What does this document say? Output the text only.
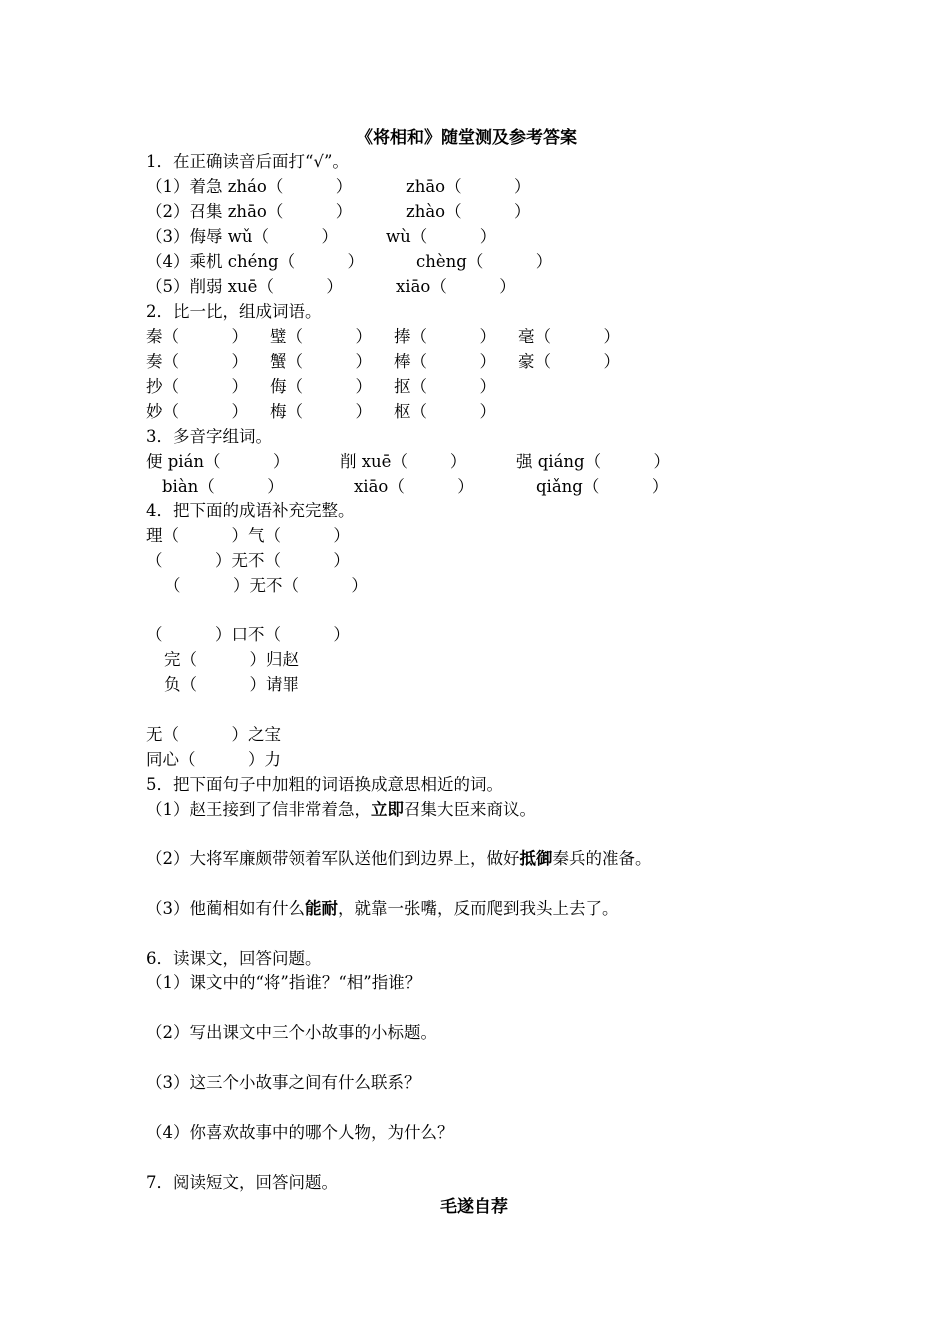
《将相和》随堂测及参考答案
1．在正确读音后面打“√”。
（1）着急 zháo（          ）	zhāo（          ）
（2）召集 zhāo（          ）	zhào（          ）
（3）侮辱 wǔ（          ）	wù（          ）
（4）乘机 chéng（          ）	chèng（          ）
（5）削弱 xuē（          ）	xiāo（          ）
2．比一比，组成词语。
秦（          ） 璧（          ） 捧（          ） 毫（          ）
奏（          ） 蟹（          ） 棒（          ） 豪（          ）
抄（          ） 侮（          ） 抠（          ）
妙（          ） 梅（          ） 枢（          ）
3．多音字组词。
便 pián（          ）	削 xuē（        ）	强 qiáng（          ）
biàn（          ）	xiāo（          ）	qiǎng（          ）
4．把下面的成语补充完整。
理（          ）气（          ）
（          ）无不（          ）
（          ）无不（          ）
（          ）口不（          ）
完（          ）归赵
负（          ）请罪
无（          ）之宝
同心（          ）力
5．把下面句子中加粗的词语换成意思相近的词。
（1）赵王接到了信非常着急，立即召集大臣来商议。
（2）大将军廉颇带领着军队送他们到边界上，做好抵御秦兵的准备。
（3）他蔺相如有什么能耐，就靠一张嘴，反而爬到我头上去了。
6．读课文，回答问题。
（1）课文中的“将”指谁？“相”指谁？
（2）写出课文中三个小故事的小标题。
（3）这三个小故事之间有什么联系？
（4）你喜欢故事中的哪个人物，为什么？
7．阅读短文，回答问题。
毛遂自荐
